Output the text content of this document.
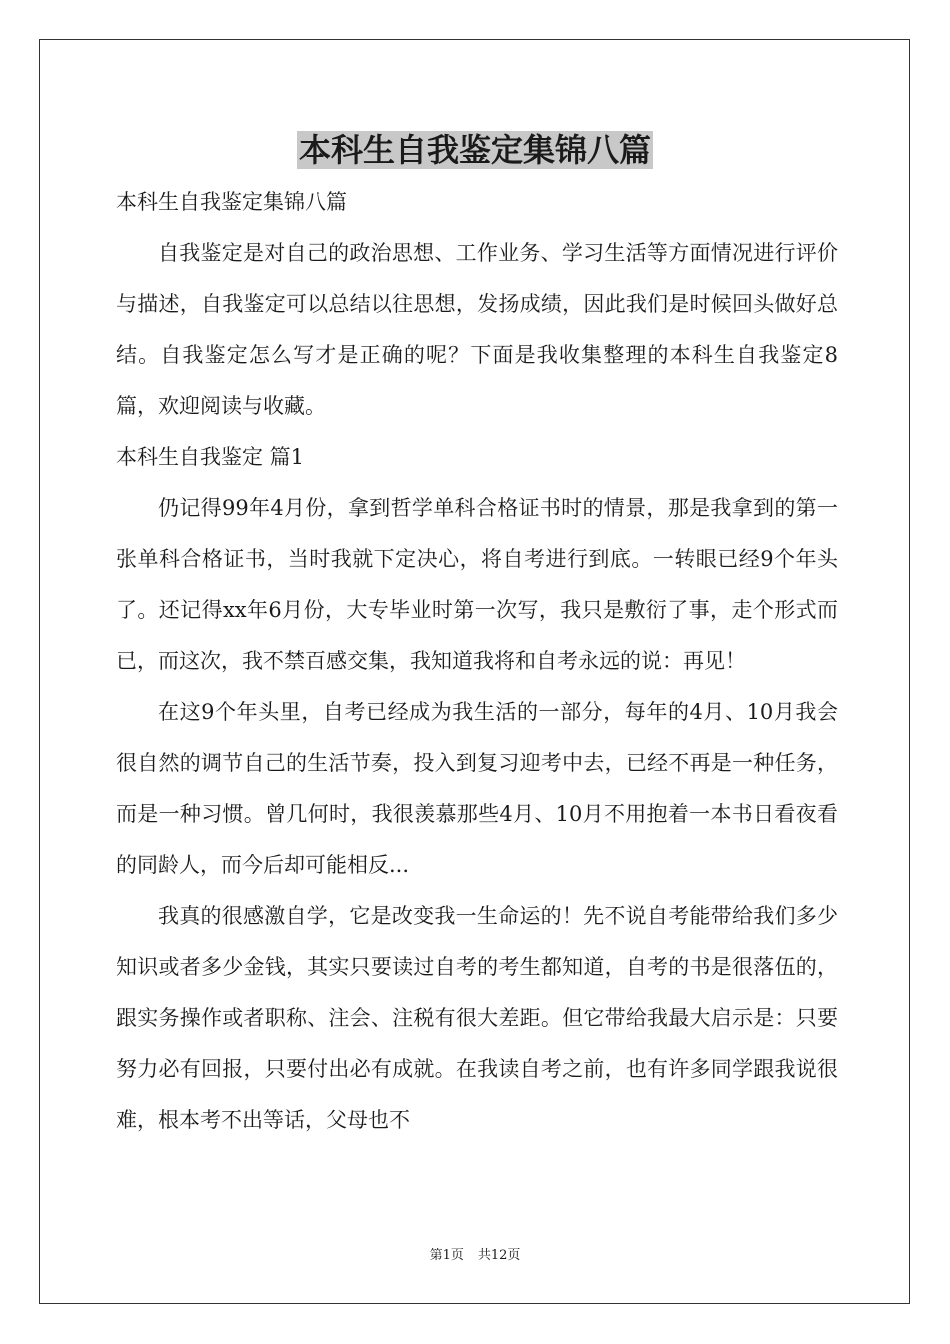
本科生自我鉴定集锦八篇

本科生自我鉴定集锦八篇

自我鉴定是对自己的政治思想、工作业务、学习生活等方面情况进行评价与描述，自我鉴定可以总结以往思想，发扬成绩，因此我们是时候回头做好总结。自我鉴定怎么写才是正确的呢？下面是我收集整理的本科生自我鉴定8篇，欢迎阅读与收藏。

本科生自我鉴定 篇1

仍记得99年4月份，拿到哲学单科合格证书时的情景，那是我拿到的第一张单科合格证书，当时我就下定决心，将自考进行到底。一转眼已经9个年头了。还记得xx年6月份，大专毕业时第一次写，我只是敷衍了事，走个形式而已，而这次，我不禁百感交集，我知道我将和自考永远的说：再见！

在这9个年头里，自考已经成为我生活的一部分，每年的4月、10月我会很自然的调节自己的生活节奏，投入到复习迎考中去，已经不再是一种任务，而是一种习惯。曾几何时，我很羡慕那些4月、10月不用抱着一本书日看夜看的同龄人，而今后却可能相反...

我真的很感激自学，它是改变我一生命运的！先不说自考能带给我们多少知识或者多少金钱，其实只要读过自考的考生都知道，自考的书是很落伍的，跟实务操作或者职称、注会、注税有很大差距。但它带给我最大启示是：只要努力必有回报，只要付出必有成就。在我读自考之前，也有许多同学跟我说很难，根本考不出等话，父母也不

第1页 共12页
